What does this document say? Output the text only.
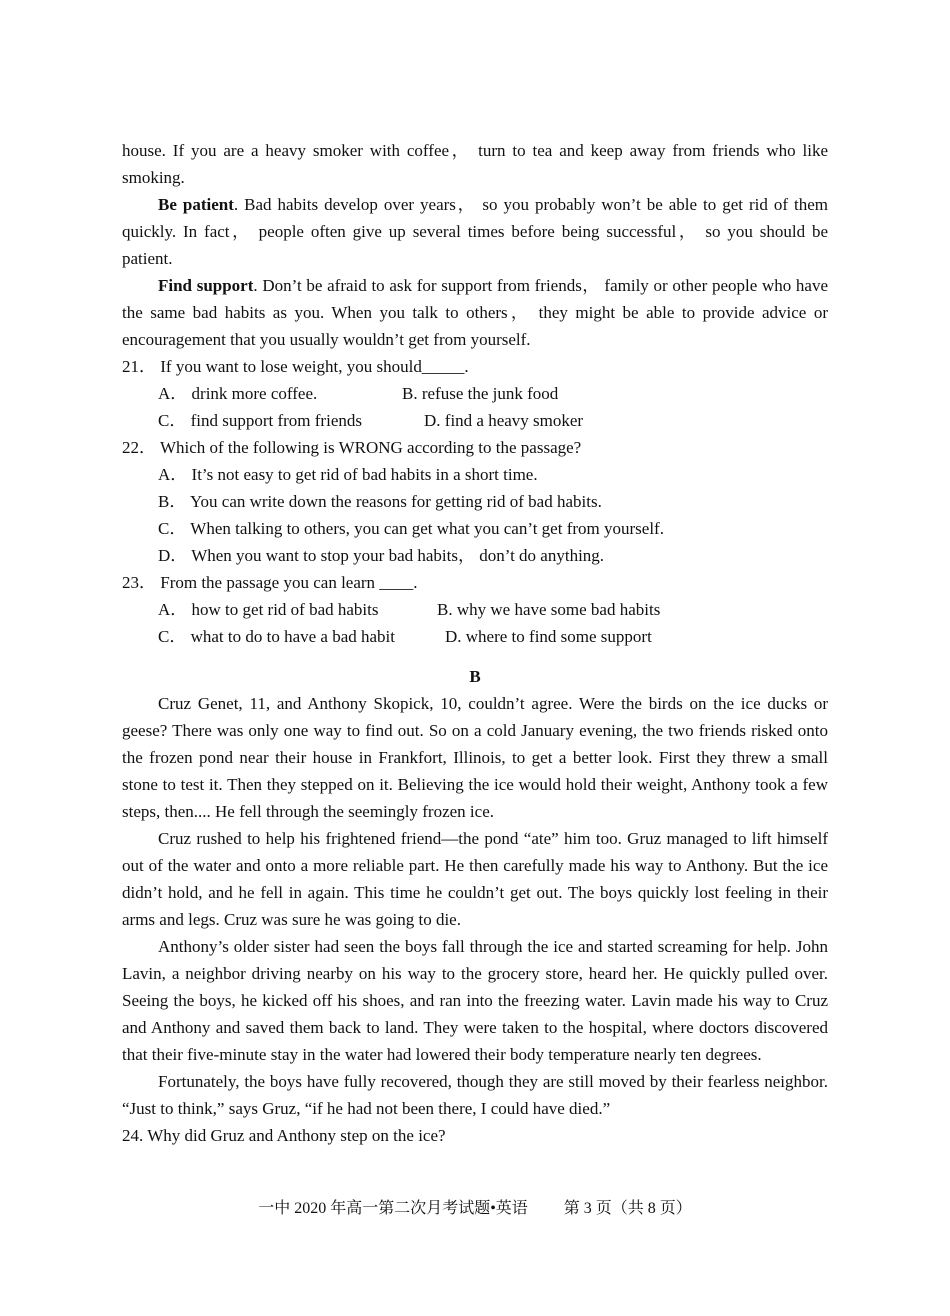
house. If you are a heavy smoker with coffee， turn to tea and keep away from friends who like smoking.
Be patient. Bad habits develop over years， so you probably won’t be able to get rid of them quickly. In fact， people often give up several times before being successful， so you should be patient.
Find support. Don’t be afraid to ask for support from friends， family or other people who have the same bad habits as you. When you talk to others， they might be able to provide advice or encouragement that you usually wouldn’t get from yourself.
21． If you want to lose weight, you should_____.
A． drink more coffee.	B. refuse the junk food
C． find support from friends	D. find a heavy smoker
22． Which of the following is WRONG according to the passage?
A． It’s not easy to get rid of bad habits in a short time.
B． You can write down the reasons for getting rid of bad habits.
C． When talking to others, you can get what you can’t get from yourself.
D． When you want to stop your bad habits， don’t do anything.
23． From the passage you can learn ____.
A． how to get rid of bad habits	B. why we have some bad habits
C． what to do to have a bad habit	D. where to find some support
B
Cruz Genet, 11, and Anthony Skopick, 10, couldn’t agree. Were the birds on the ice ducks or geese? There was only one way to find out. So on a cold January evening, the two friends risked onto the frozen pond near their house in Frankfort, Illinois, to get a better look. First they threw a small stone to test it. Then they stepped on it. Believing the ice would hold their weight, Anthony took a few steps, then.... He fell through the seemingly frozen ice.
Cruz rushed to help his frightened friend—the pond “ate” him too. Gruz managed to lift himself out of the water and onto a more reliable part. He then carefully made his way to Anthony. But the ice didn’t hold, and he fell in again. This time he couldn’t get out. The boys quickly lost feeling in their arms and legs. Cruz was sure he was going to die.
Anthony’s older sister had seen the boys fall through the ice and started screaming for help. John Lavin, a neighbor driving nearby on his way to the grocery store, heard her. He quickly pulled over. Seeing the boys, he kicked off his shoes, and ran into the freezing water. Lavin made his way to Cruz and Anthony and saved them back to land. They were taken to the hospital, where doctors discovered that their five-minute stay in the water had lowered their body temperature nearly ten degrees.
Fortunately, the boys have fully recovered, though they are still moved by their fearless neighbor. “Just to think,” says Gruz, “if he had not been there, I could have died.”
24. Why did Gruz and Anthony step on the ice?
一中 2020 年高一第二次月考试题•英语 第 3 页（共 8 页）
